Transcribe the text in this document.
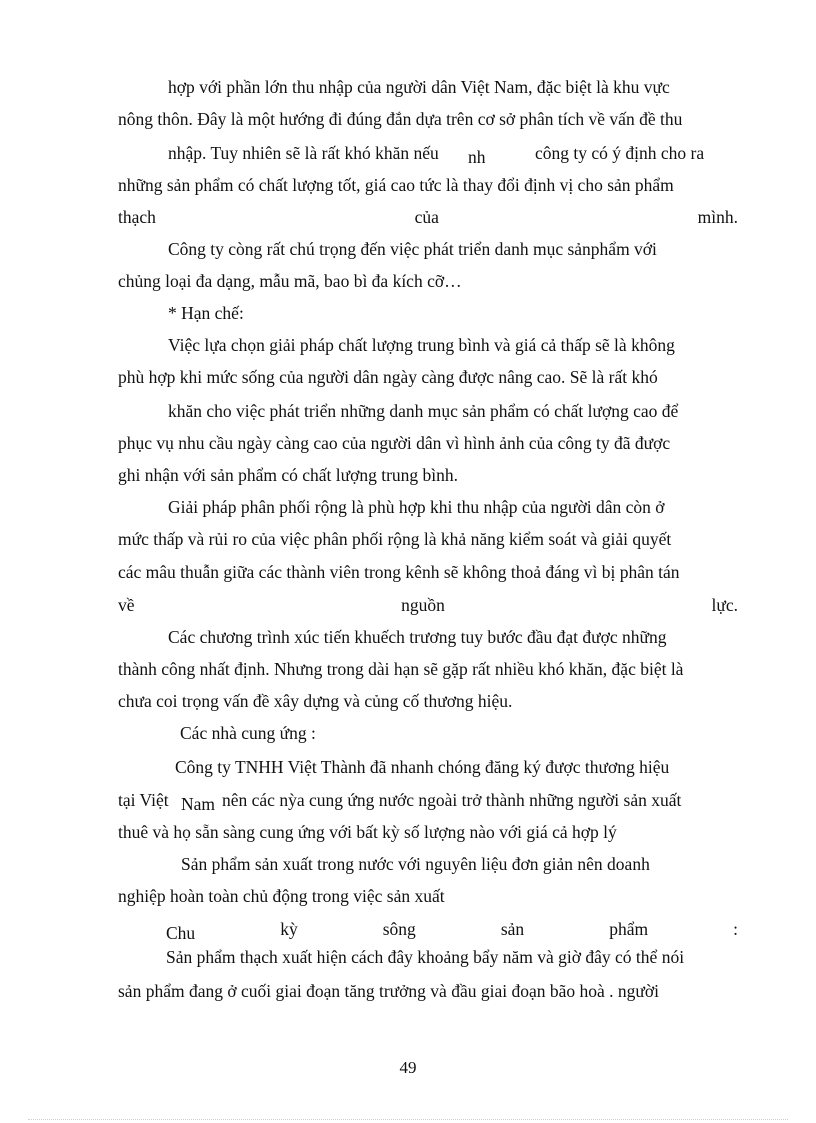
hợp với phần lớn thu nhập của người dân Việt Nam, đặc biệt là khu vực
nông thôn. Đây là một hướng đi đúng đắn dựa trên cơ sở phân tích về vấn đề thu
nhập. Tuy nhiên sẽ là rất khó khăn nếu nh	công ty có ý định cho ra
những sản phẩm có chất lượng tốt, giá cao tức là thay đổi định vị cho sản phẩm
thạch	của	mình.
Công ty còng rất chú trọng đến việc phát triển danh mục sảnphẩm với
chủng loại đa dạng, mẫu mã, bao bì đa kích cỡ…
* Hạn chế:
Việc lựa chọn giải pháp chất lượng trung bình và giá cả thấp sẽ là không
phù hợp khi mức sống của người dân ngày càng được nâng cao. Sẽ là rất khó
khăn cho việc phát triển những danh mục sản phẩm có chất lượng cao để
phục vụ nhu cầu ngày càng cao của người dân vì hình ảnh của công ty đã được
ghi nhận với sản phẩm có chất lượng trung bình.
Giải pháp phân phối rộng là phù hợp khi thu nhập của người dân còn ở
mức thấp và rủi ro của việc phân phối rộng là khả năng kiểm soát và giải quyết
các mâu thuẫn giữa các thành viên trong kênh sẽ không thoả đáng vì bị phân tán
về	nguồn	lực.
Các chương trình xúc tiến khuếch trương tuy bước đầu đạt được những
thành công nhất định. Nhưng trong dài hạn sẽ gặp rất nhiều khó khăn, đặc biệt là
chưa coi trọng vấn đề xây dựng và củng cố thương hiệu.
Các nhà cung ứng :
Công ty TNHH Việt Thành đã nhanh chóng đăng ký được thương hiệu
tại Việt Nam nên các nỳa cung ứng nước ngoài trở thành những người sản xuất
thuê và họ sẵn sàng cung ứng với bất kỳ số lượng nào với giá cả hợp lý
Sản phẩm sản xuất trong nước với nguyên liệu đơn giản nên doanh
nghiệp hoàn toàn chủ động trong việc sản xuất
Chu	kỳ	sông	sản	phẩm	:
Sản phẩm thạch xuất hiện cách đây khoảng bẩy năm và giờ đây có thể nói
sản phẩm đang ở cuối giai đoạn tăng trưởng và đầu giai đoạn bão hoà . người
49
